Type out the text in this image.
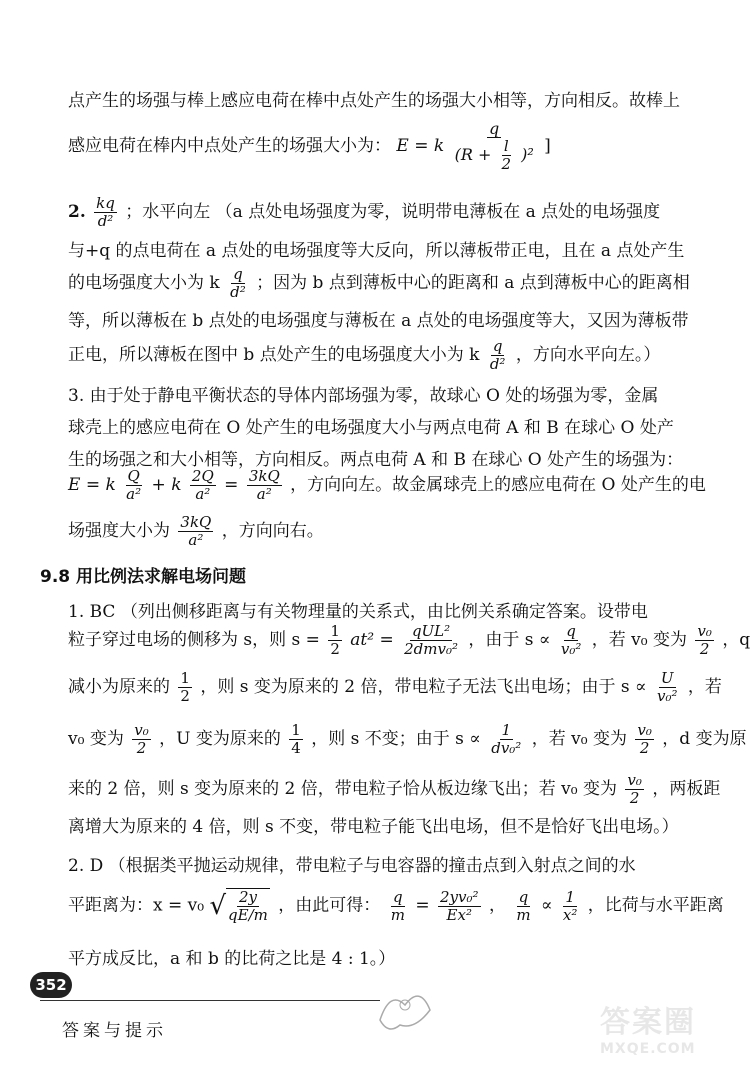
点产生的场强与棒上感应电荷在棒中点处产生的场强大小相等，方向相反。故棒上
感应电荷在棒内中点处产生的场强大小为： E = k $\frac{q}{(R + \frac{l}{2} )^2}$ ]
2. $\frac{kq}{\text{d²}}$ ；水平向左 （a 点处电场强度为零，说明带电薄板在 a 点处的电场强度
与+q 的点电荷在 a 点处的电场强度等大反向，所以薄板带正电，且在 a 点处产生
的电场强度大小为 k $\frac{q}{\text{d²}}$ ；因为 b 点到薄板中心的距离和 a 点到薄板中心的距离相
等，所以薄板在 b 点处的电场强度与薄板在 a 点处的电场强度等大，又因为薄板带
正电，所以薄板在图中 b 点处产生的电场强度大小为 k $\frac{q}{\text{d²}}$ ，方向水平向左。）
3. 由于处于静电平衡状态的导体内部场强为零，故球心 O 处的场强为零，金属
球壳上的感应电荷在 O 处产生的电场强度大小与两点电荷 A 和 B 在球心 O 处产
生的场强之和大小相等，方向相反。两点电荷 A 和 B 在球心 O 处产生的场强为：
E = k $\frac{Q}{\text{a²}} + k \frac{2Q}{\text{a²}} = \frac{3kQ}{\text{a²}}$ ，方向向左。故金属球壳上的感应电荷在 O 处产生的电
场强度大小为 $\frac{3kQ}{\text{a²}}$ ，方向向右。
9.8 用比例法求解电场问题
1. BC （列出侧移距离与有关物理量的关系式，由比例关系确定答案。设带电
粒子穿过电场的侧移为 s，则 $s = \frac{1}{2} at^2 = \frac{\text{qUL²}}{\text{2dmv₀²}}$ ，由于 $s \propto \frac{q}{\text{v₀²}}$ ，若 v₀ 变为 $\frac{\text{v₀}}{2}$ ，q
减小为原来的 $\frac{1}{2}$ ，则 s 变为原来的 2 倍，带电粒子无法飞出电场；由于 $s \propto \frac{U}{\text{v₀²}}$ ，若
v₀ 变为 $\frac{\text{v₀}}{2}$ ，U 变为原来的 $\frac{1}{4}$ ，则 s 不变；由于 $s \propto \frac{1}{\text{dv₀²}}$ ，若 v₀ 变为 $\frac{\text{v₀}}{2}$ ，d 变为原
来的 2 倍，则 s 变为原来的 2 倍，带电粒子恰从板边缘飞出；若 v₀ 变为 $\frac{\text{v₀}}{2}$ ，两板距
离增大为原来的 4 倍，则 s 不变，带电粒子能飞出电场，但不是恰好飞出电场。）
2. D （根据类平抛运动规律，带电粒子与电容器的撞击点到入射点之间的水
平距离为：x = v₀ √ $\frac{2y}{qE/m}$ ，由此可得： $\frac{q}{m} = \frac{\text{2yv₀²}}{\text{Ex²}}$ ， $\frac{q}{m} \propto \frac{1}{\text{x²}}$ ，比荷与水平距离
平方成反比，a 和 b 的比荷之比是 4 : 1。）
352
答案与提示	答案圈
MXQE.COM
